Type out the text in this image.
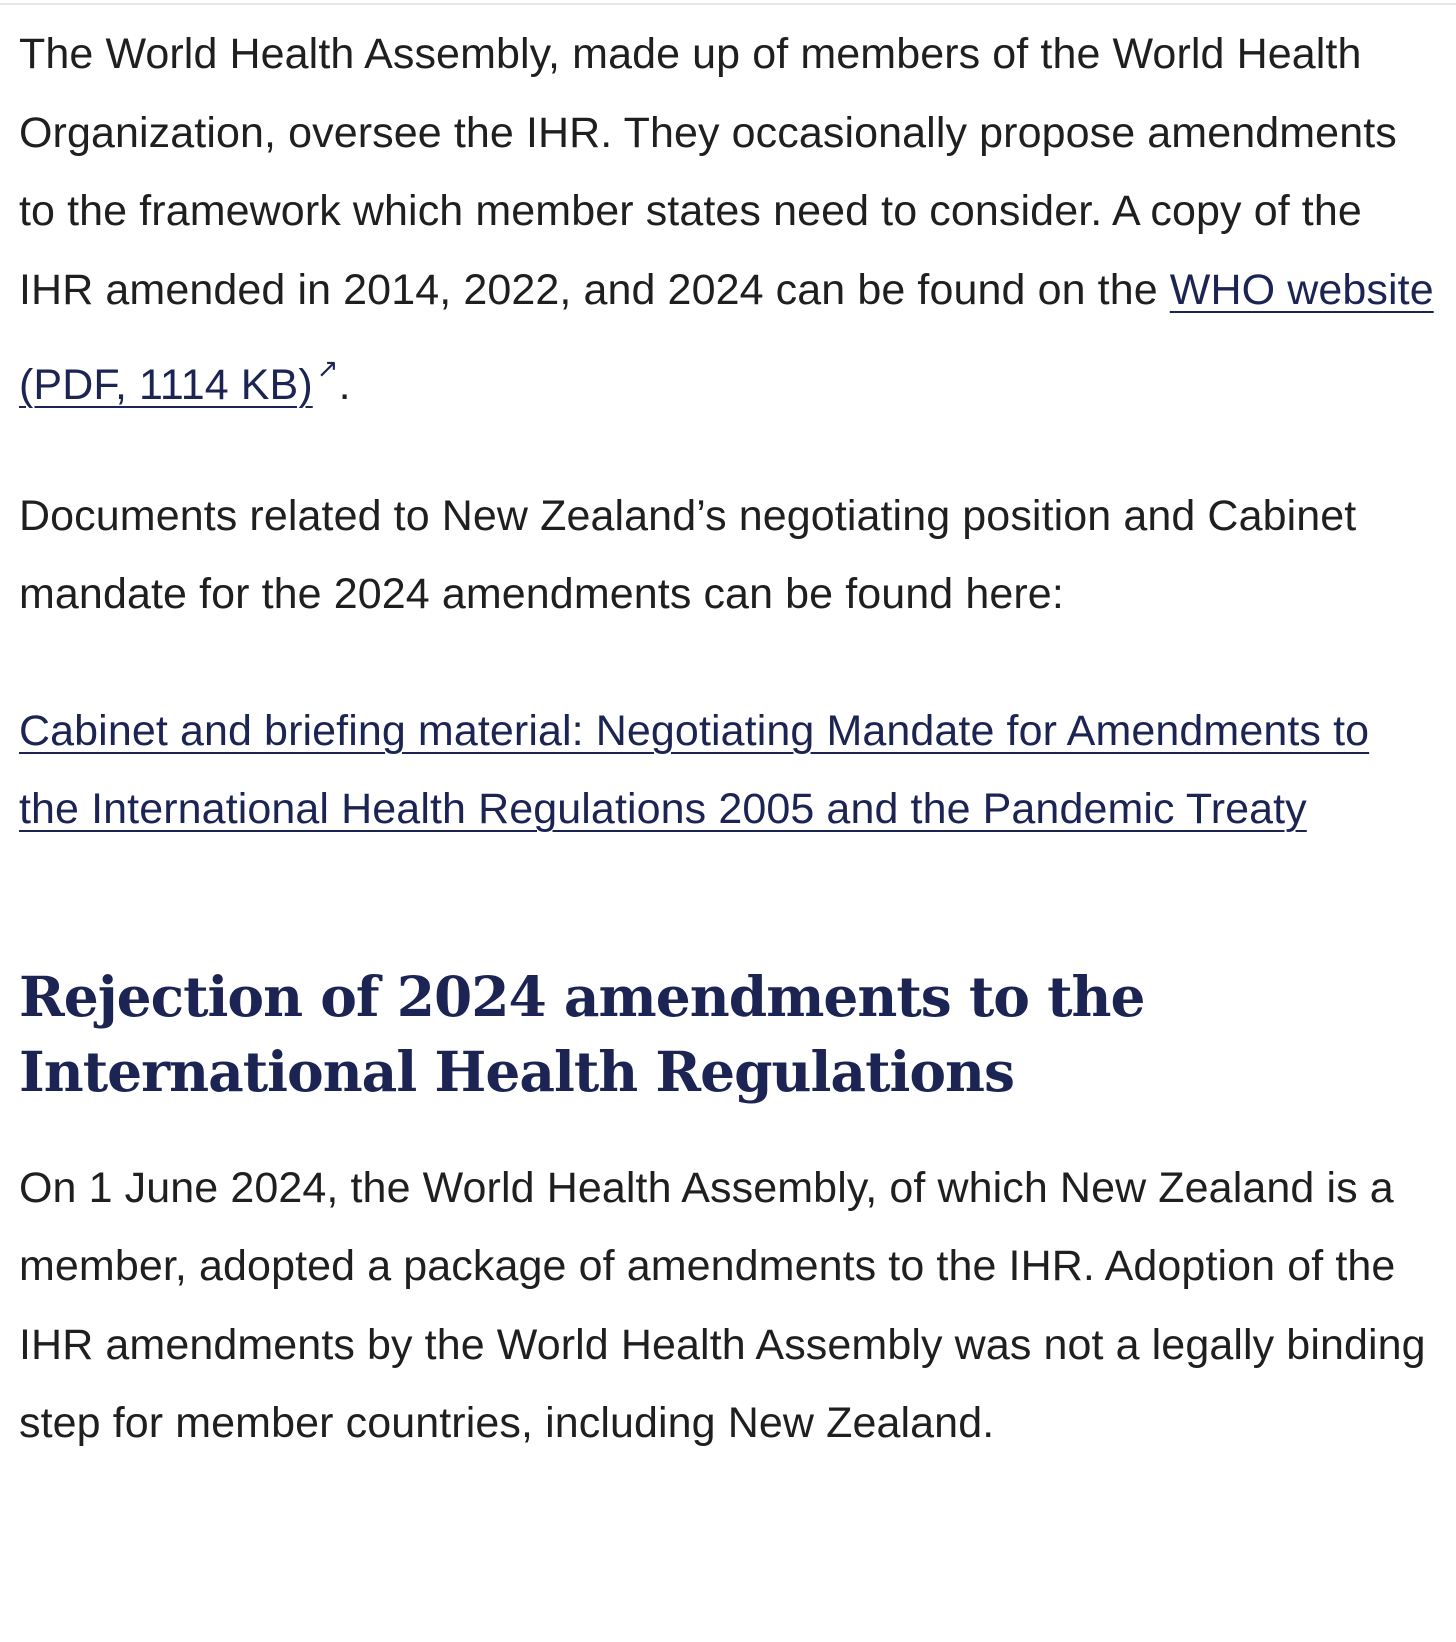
The World Health Assembly, made up of members of the World Health Organization, oversee the IHR. They occasionally propose amendments to the framework which member states need to consider. A copy of the IHR amended in 2014, 2022, and 2024 can be found on the WHO website (PDF, 1114 KB) ↗.

Documents related to New Zealand’s negotiating position and Cabinet mandate for the 2024 amendments can be found here:

Cabinet and briefing material: Negotiating Mandate for Amendments to the International Health Regulations 2005 and the Pandemic Treaty

Rejection of 2024 amendments to the International Health Regulations

On 1 June 2024, the World Health Assembly, of which New Zealand is a member, adopted a package of amendments to the IHR. Adoption of the IHR amendments by the World Health Assembly was not a legally binding step for member countries, including New Zealand.
